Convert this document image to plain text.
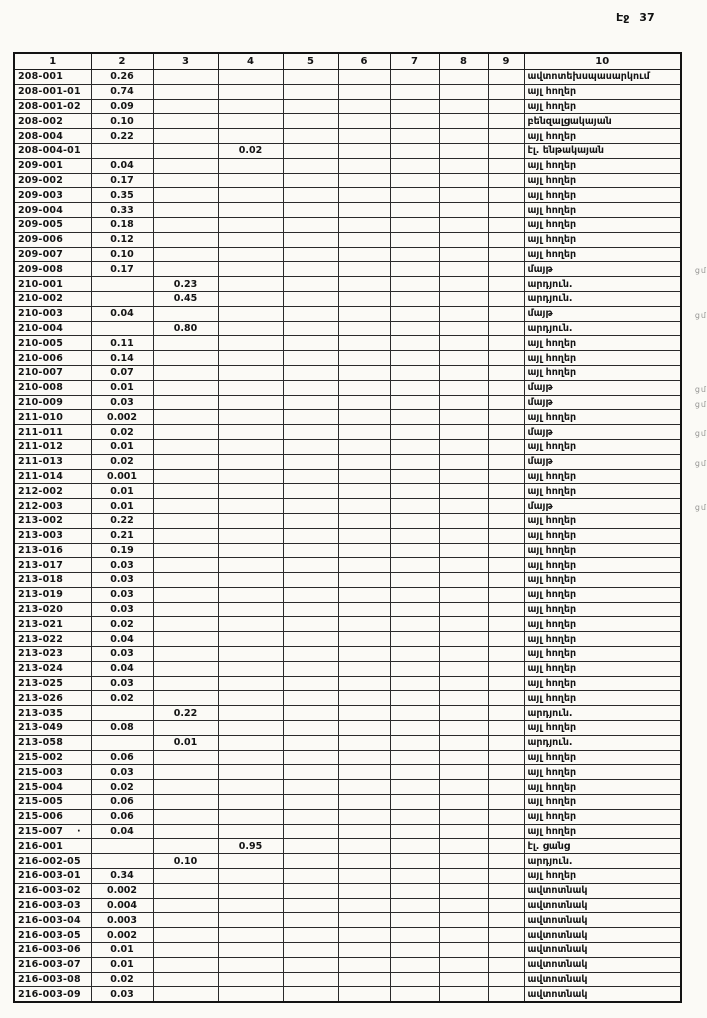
Էջ 37
1	2	3	4	5	6	7	8	9	10
208-001	0.26								ավտոտեխսպասարկում
208-001-01	0.74								այլ հողեր
208-001-02	0.09								այլ հողեր
208-002	0.10								բենզալցակայան
208-004	0.22								այլ հողեր
208-004-01			0.02						էլ. ենթակայան
209-001	0.04								այլ հողեր
209-002	0.17								այլ հողեր
209-003	0.35								այլ հողեր
209-004	0.33								այլ հողեր
209-005	0.18								այլ հողեր
209-006	0.12								այլ հողեր
209-007	0.10								այլ հողեր
209-008	0.17								մայթ ցմ

210-001		0.23							արդյուն.
210-002		0.45							արդյուն.
210-003	0.04								մայթ ցմ

210-004		0.80							արդյուն.
210-005	0.11								այլ հողեր
210-006	0.14								այլ հողեր
210-007	0.07								այլ հողեր
210-008	0.01								մայթ ցմ

210-009	0.03								մայթ ցմ

211-010	0.002								այլ հողեր
211-011	0.02								մայթ ցմ

211-012	0.01								այլ հողեր
211-013	0.02								մայթ ցմ

211-014	0.001								այլ հողեր
212-002	0.01								այլ հողեր
212-003	0.01								մայթ ցմ

213-002	0.22								այլ հողեր
213-003	0.21								այլ հողեր
213-016	0.19								այլ հողեր
213-017	0.03								այլ հողեր
213-018	0.03								այլ հողեր
213-019	0.03								այլ հողեր
213-020	0.03								այլ հողեր
213-021	0.02								այլ հողեր
213-022	0.04								այլ հողեր
213-023	0.03								այլ հողեր
213-024	0.04								այլ հողեր
213-025	0.03								այլ հողեր
213-026	0.02								այլ հողեր
213-035		0.22							արդյուն.
213-049	0.08								այլ հողեր
213-058		0.01							արդյուն.
215-002	0.06								այլ հողեր
215-003	0.03								այլ հողեր
215-004	0.02								այլ հողեր
215-005	0.06								այլ հողեր
215-006	0.06								այլ հողեր
215-007 ·	0.04								այլ հողեր
216-001			0.95						էլ. ցանց
216-002-05		0.10							արդյուն.
216-003-01	0.34								այլ հողեր
216-003-02	0.002								ավտոտնակ
216-003-03	0.004								ավտոտնակ
216-003-04	0.003								ավտոտնակ
216-003-05	0.002								ավտոտնակ
216-003-06	0.01								ավտոտնակ
216-003-07	0.01								ավտոտնակ
216-003-08	0.02								ավտոտնակ
216-003-09	0.03								ավտոտնակ
